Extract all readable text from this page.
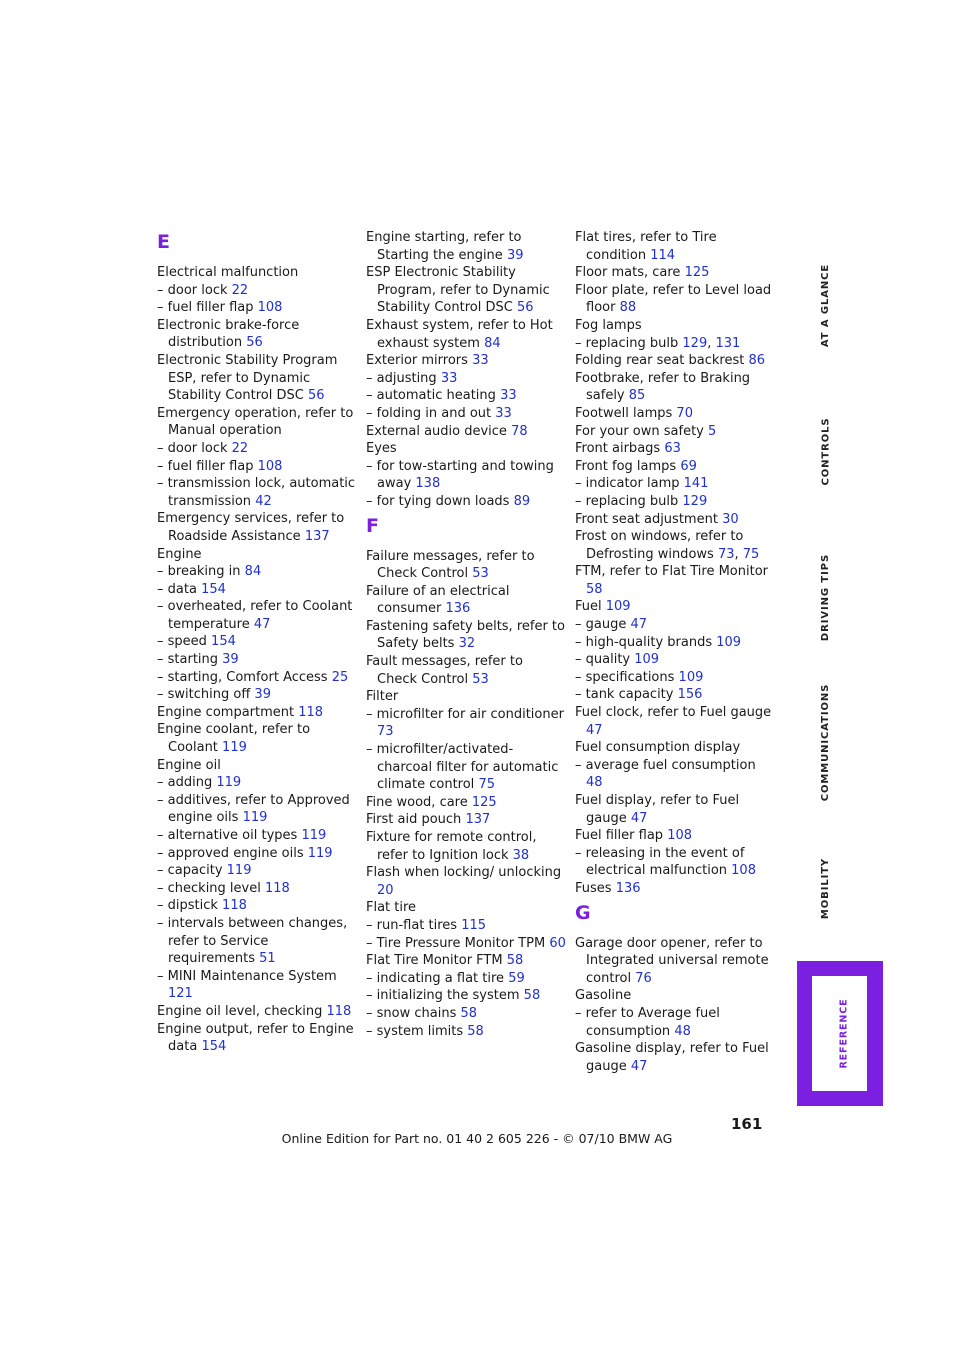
E
Electrical malfunction
– door lock 22
– fuel filler flap 108
Electronic brake-force distribution 56
Electronic Stability Program ESP, refer to Dynamic Stability Control DSC 56
Emergency operation, refer to Manual operation
– door lock 22
– fuel filler flap 108
– transmission lock, automatic transmission 42
Emergency services, refer to Roadside Assistance 137
Engine
– breaking in 84
– data 154
– overheated, refer to Coolant temperature 47
– speed 154
– starting 39
– starting, Comfort Access 25
– switching off 39
Engine compartment 118
Engine coolant, refer to Coolant 119
Engine oil
– adding 119
– additives, refer to Approved engine oils 119
– alternative oil types 119
– approved engine oils 119
– capacity 119
– checking level 118
– dipstick 118
– intervals between changes, refer to Service requirements 51
– MINI Maintenance System 121
Engine oil level, checking 118
Engine output, refer to Engine data 154
Engine starting, refer to Starting the engine 39
ESP Electronic Stability Program, refer to Dynamic Stability Control DSC 56
Exhaust system, refer to Hot exhaust system 84
Exterior mirrors 33
– adjusting 33
– automatic heating 33
– folding in and out 33
External audio device 78
Eyes
– for tow-starting and towing away 138
– for tying down loads 89
F
Failure messages, refer to Check Control 53
Failure of an electrical consumer 136
Fastening safety belts, refer to Safety belts 32
Fault messages, refer to Check Control 53
Filter
– microfilter for air conditioner 73
– microfilter/activated-charcoal filter for automatic climate control 75
Fine wood, care 125
First aid pouch 137
Fixture for remote control, refer to Ignition lock 38
Flash when locking/ unlocking 20
Flat tire
– run-flat tires 115
– Tire Pressure Monitor TPM 60
Flat Tire Monitor FTM 58
– indicating a flat tire 59
– initializing the system 58
– snow chains 58
– system limits 58
Flat tires, refer to Tire condition 114
Floor mats, care 125
Floor plate, refer to Level load floor 88
Fog lamps
– replacing bulb 129, 131
Folding rear seat backrest 86
Footbrake, refer to Braking safely 85
Footwell lamps 70
For your own safety 5
Front airbags 63
Front fog lamps 69
– indicator lamp 141
– replacing bulb 129
Front seat adjustment 30
Frost on windows, refer to Defrosting windows 73, 75
FTM, refer to Flat Tire Monitor 58
Fuel 109
– gauge 47
– high-quality brands 109
– quality 109
– specifications 109
– tank capacity 156
Fuel clock, refer to Fuel gauge 47
Fuel consumption display
– average fuel consumption 48
Fuel display, refer to Fuel gauge 47
Fuel filler flap 108
– releasing in the event of electrical malfunction 108
Fuses 136
G
Garage door opener, refer to Integrated universal remote control 76
Gasoline
– refer to Average fuel consumption 48
Gasoline display, refer to Fuel gauge 47
AT A GLANCE
CONTROLS
DRIVING TIPS
COMMUNICATIONS
MOBILITY
REFERENCE
161
Online Edition for Part no. 01 40 2 605 226 - © 07/10 BMW AG
